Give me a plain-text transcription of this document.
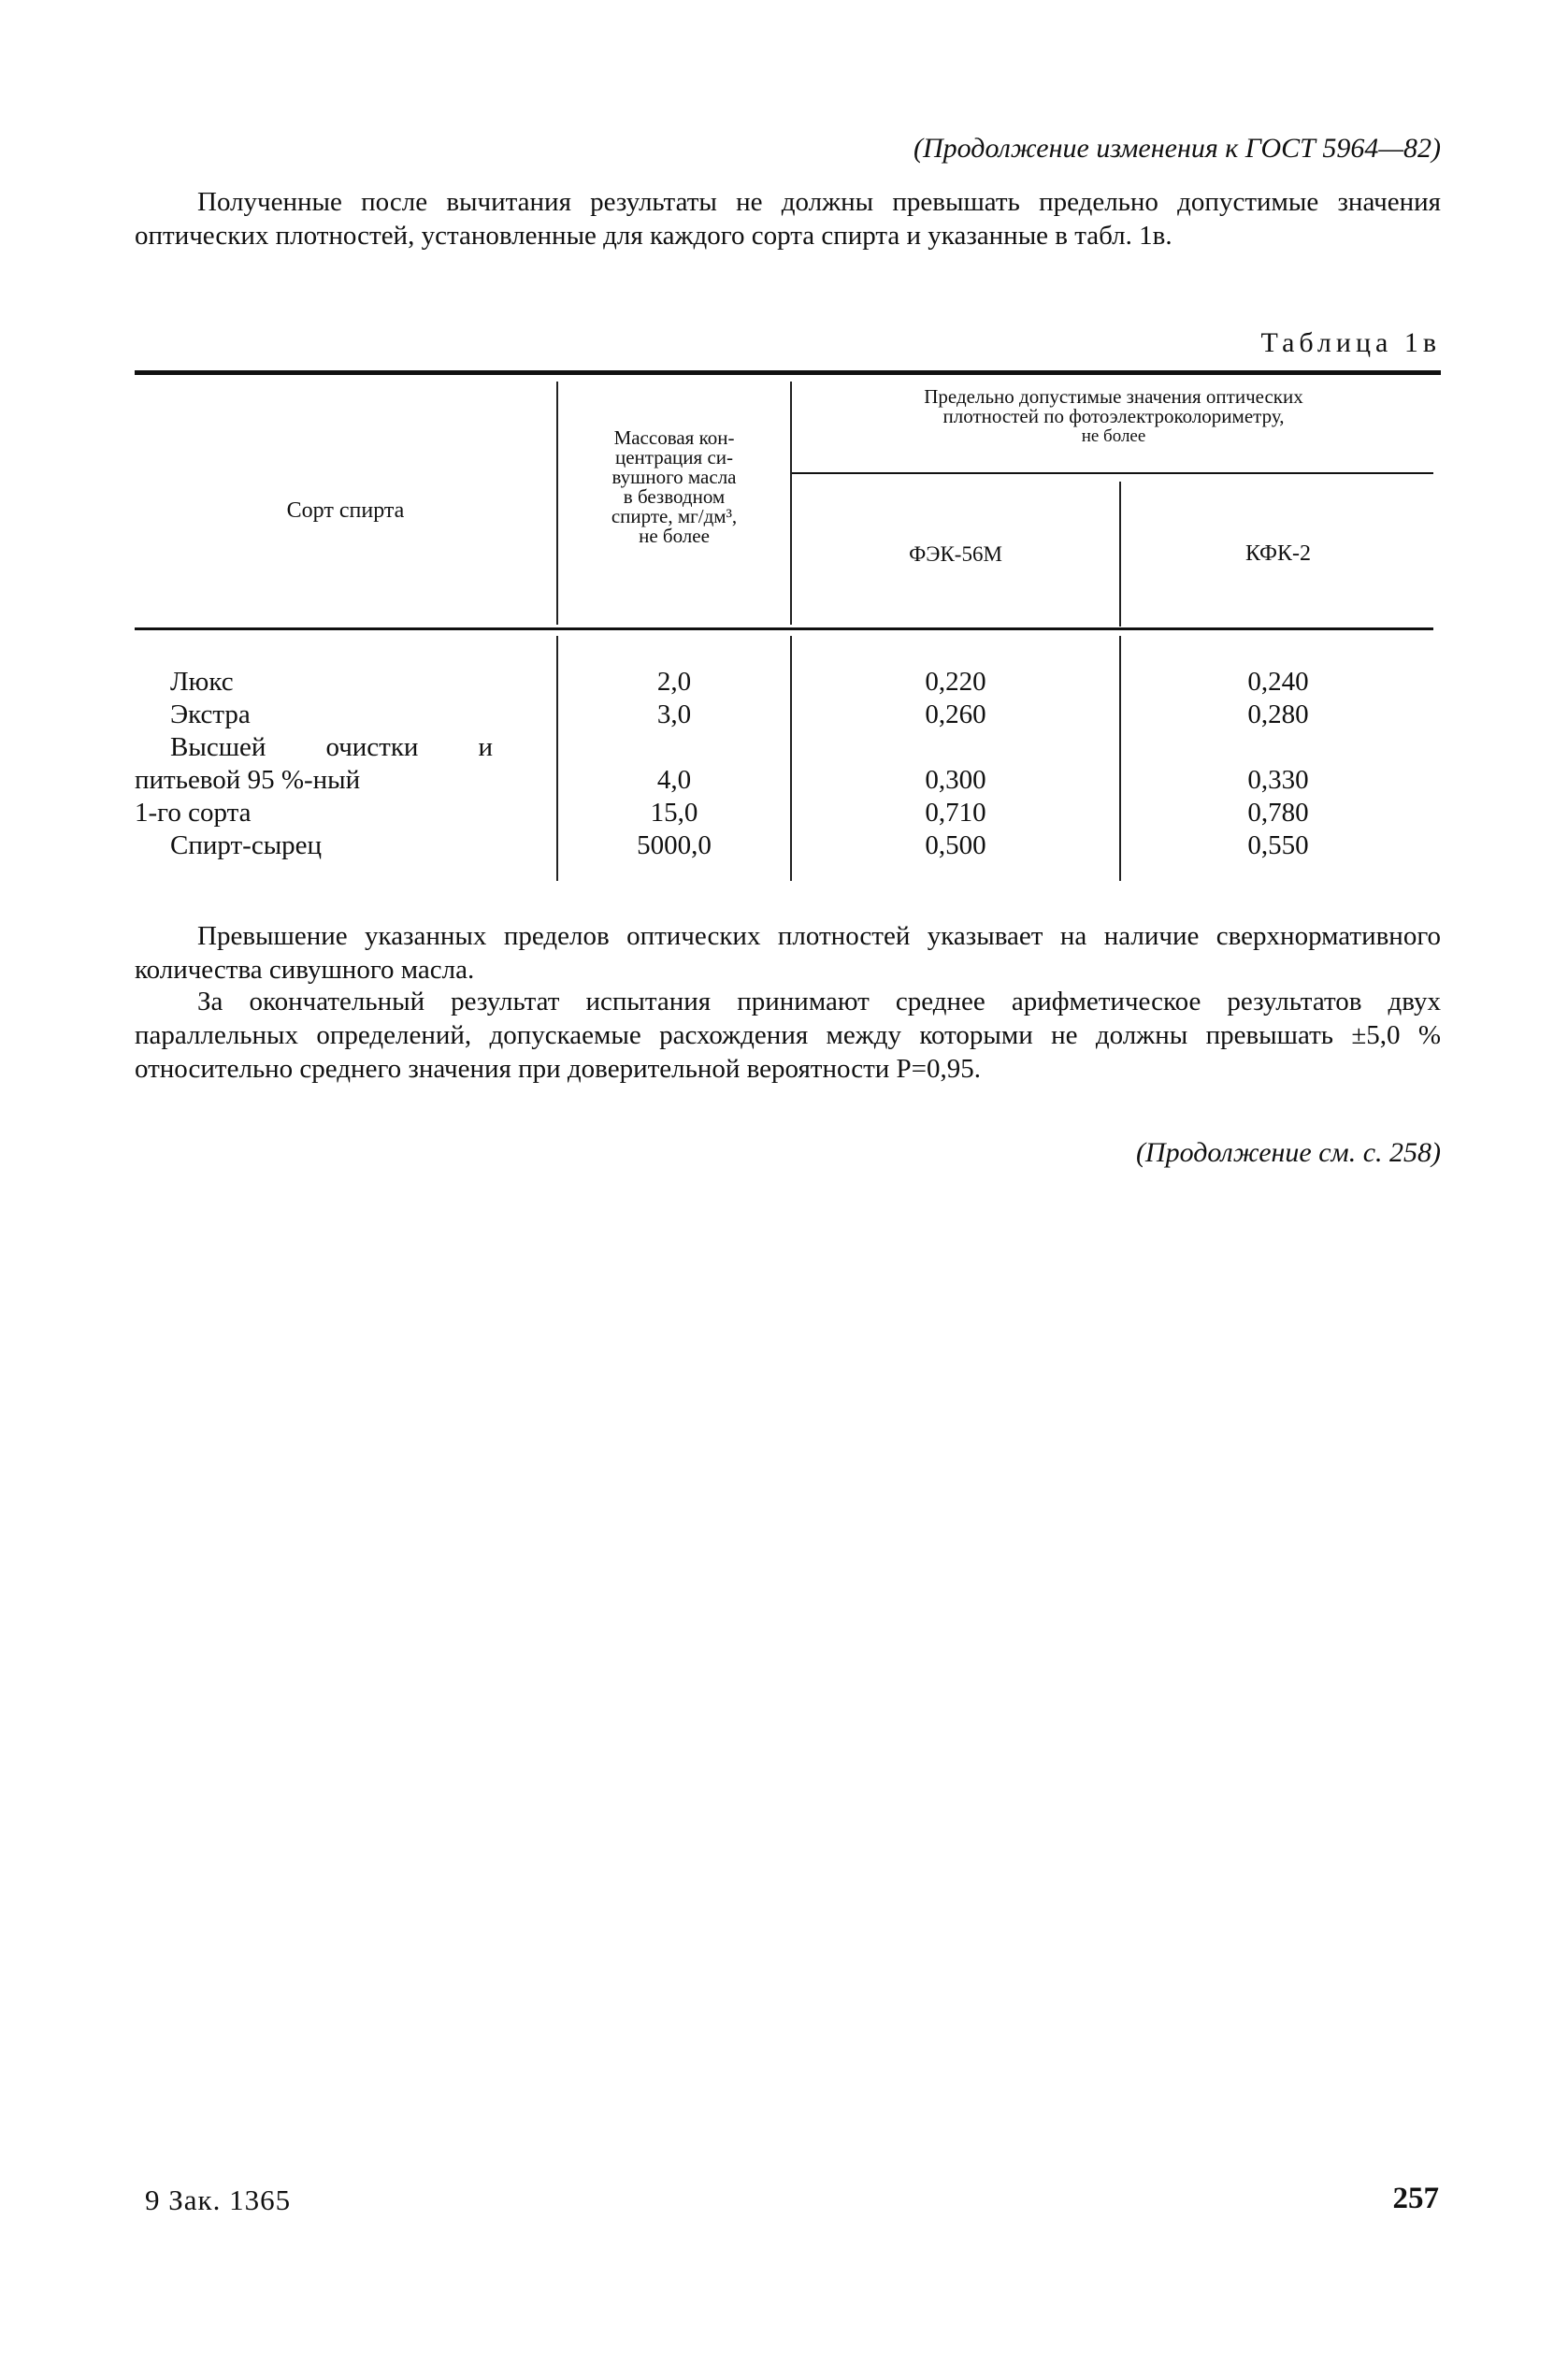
(Продолжение изменения к ГОСТ 5964—82)
Полученные после вычитания результаты не должны превышать предельно допустимые значения оптических плотностей, установленные для каждого сорта спирта и указанные в табл. 1в.
Таблица 1в
Сорт спирта
Массовая кон-
центрация си-
вушного масла
в безводном
спирте, мг/дм³,
не более
Предельно допустимые значения оптических
плотностей по фотоэлектроколориметру,
не более
ФЭК-56М	КФК-2
Люкс
Экстра
Высшей очистки и
питьевой 95 %-ный
1-го сорта
Спирт-сырец
2,0
3,0
4,0
15,0
5000,0
0,220
0,260
0,300
0,710
0,500
0,240
0,280
0,330
0,780
0,550
Превышение указанных пределов оптических плотностей указывает на наличие сверхнормативного количества сивушного масла.
За окончательный результат испытания принимают среднее арифметическое результатов двух параллельных определений, допускаемые расхождения между которыми не должны превышать ±5,0 % относительно среднего значения при доверительной вероятности P=0,95.
(Продолжение см. с. 258)
9 Зак. 1365	257
